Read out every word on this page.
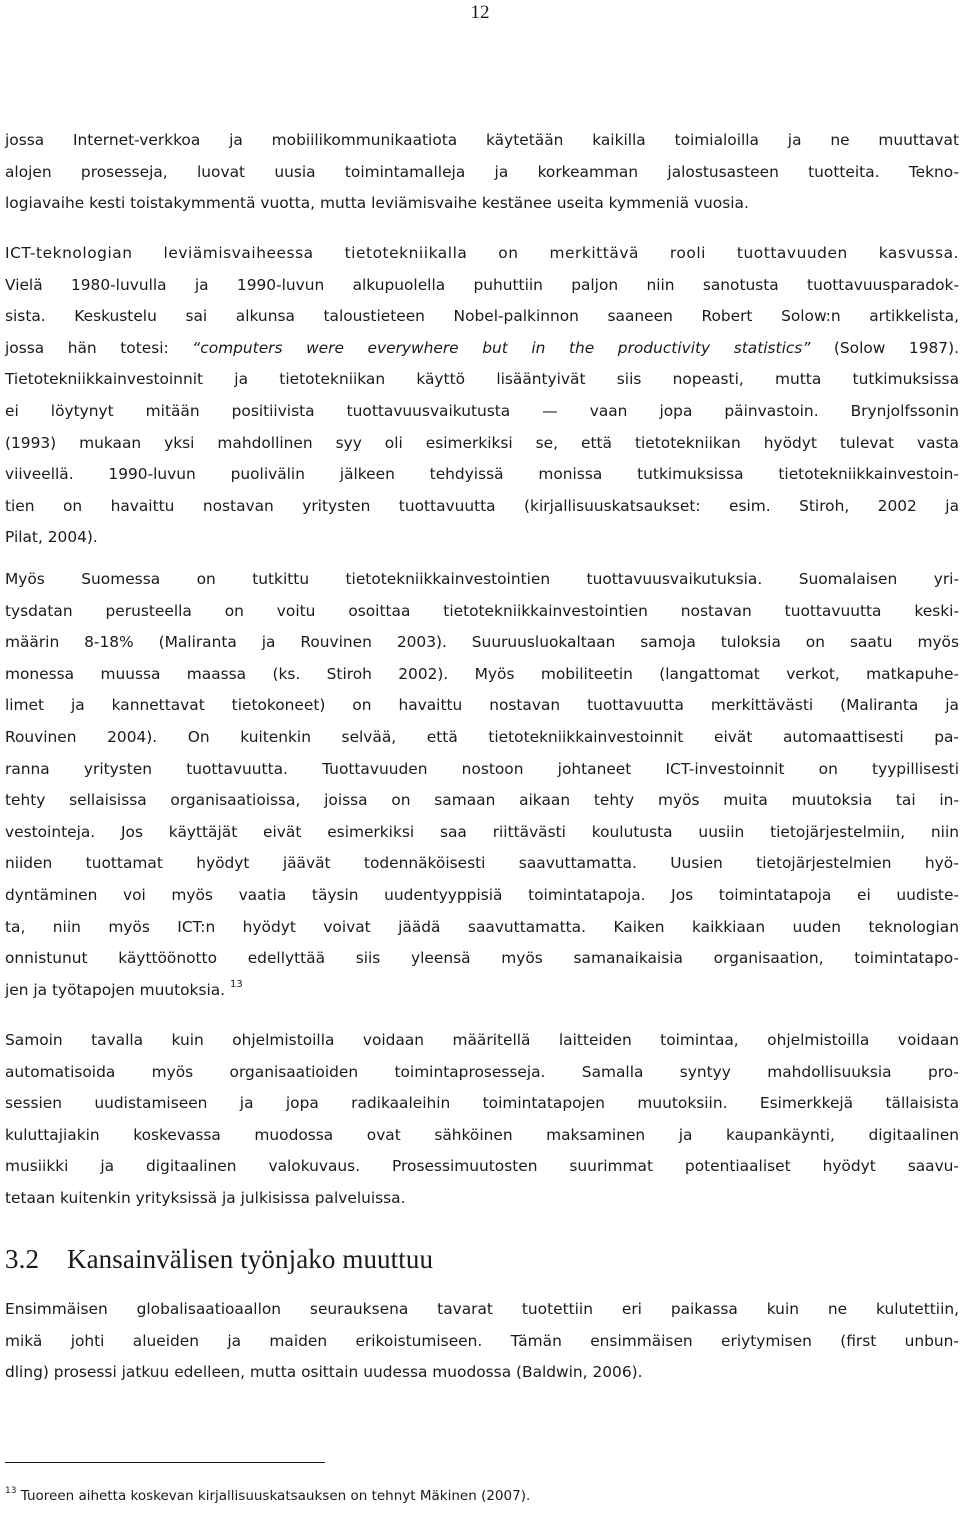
12
jossa Internet-verkkoa ja mobiilikommunikaatiota käytetään kaikilla toimialoilla ja ne muuttavat
alojen prosesseja, luovat uusia toimintamalleja ja korkeamman jalostusasteen tuotteita. Tekno-
logiavaihe kesti toistakymmentä vuotta, mutta leviämisvaihe kestänee useita kymmeniä vuosia.
ICT-teknologian leviämisvaiheessa tietotekniikalla on merkittävä rooli tuottavuuden kasvussa.
Vielä 1980-luvulla ja 1990-luvun alkupuolella puhuttiin paljon niin sanotusta tuottavuusparadok-
sista. Keskustelu sai alkunsa taloustieteen Nobel-palkinnon saaneen Robert Solow:n artikkelista,
jossa hän totesi: “computers were everywhere but in the productivity statistics” (Solow 1987).
Tietotekniikkainvestoinnit ja tietotekniikan käyttö lisääntyivät siis nopeasti, mutta tutkimuksissa
ei löytynyt mitään positiivista tuottavuusvaikutusta — vaan jopa päinvastoin. Brynjolfssonin
(1993) mukaan yksi mahdollinen syy oli esimerkiksi se, että tietotekniikan hyödyt tulevat vasta
viiveellä. 1990-luvun puolivälin jälkeen tehdyissä monissa tutkimuksissa tietotekniikkainvestoin-
tien on havaittu nostavan yritysten tuottavuutta (kirjallisuuskatsaukset: esim. Stiroh, 2002 ja
Pilat, 2004).
Myös Suomessa on tutkittu tietotekniikkainvestointien tuottavuusvaikutuksia. Suomalaisen yri-
tysdatan perusteella on voitu osoittaa tietotekniikkainvestointien nostavan tuottavuutta keski-
määrin 8-18% (Maliranta ja Rouvinen 2003). Suuruusluokaltaan samoja tuloksia on saatu myös
monessa muussa maassa (ks. Stiroh 2002). Myös mobiliteetin (langattomat verkot, matkapuhe-
limet ja kannettavat tietokoneet) on havaittu nostavan tuottavuutta merkittävästi (Maliranta ja
Rouvinen 2004). On kuitenkin selvää, että tietotekniikkainvestoinnit eivät automaattisesti pa-
ranna yritysten tuottavuutta. Tuottavuuden nostoon johtaneet ICT-investoinnit on tyypillisesti
tehty sellaisissa organisaatioissa, joissa on samaan aikaan tehty myös muita muutoksia tai in-
vestointeja. Jos käyttäjät eivät esimerkiksi saa riittävästi koulutusta uusiin tietojärjestelmiin, niin
niiden tuottamat hyödyt jäävät todennäköisesti saavuttamatta. Uusien tietojärjestelmien hyö-
dyntäminen voi myös vaatia täysin uudentyyppisiä toimintatapoja. Jos toimintatapoja ei uudiste-
ta, niin myös ICT:n hyödyt voivat jäädä saavuttamatta. Kaiken kaikkiaan uuden teknologian
onnistunut käyttöönotto edellyttää siis yleensä myös samanaikaisia organisaation, toimintatapo-
jen ja työtapojen muutoksia. $^{13}$
Samoin tavalla kuin ohjelmistoilla voidaan määritellä laitteiden toimintaa, ohjelmistoilla voidaan
automatisoida myös organisaatioiden toimintaprosesseja. Samalla syntyy mahdollisuuksia pro-
sessien uudistamiseen ja jopa radikaaleihin toimintatapojen muutoksiin. Esimerkkejä tällaisista
kuluttajiakin koskevassa muodossa ovat sähköinen maksaminen ja kaupankäynti, digitaalinen
musiikki ja digitaalinen valokuvaus. Prosessimuutosten suurimmat potentiaaliset hyödyt saavu-
tetaan kuitenkin yrityksissä ja julkisissa palveluissa.
3.2 Kansainvälisen työnjako muuttuu
Ensimmäisen globalisaatioaallon seurauksena tavarat tuotettiin eri paikassa kuin ne kulutettiin,
mikä johti alueiden ja maiden erikoistumiseen. Tämän ensimmäisen eriytymisen (first unbun-
dling) prosessi jatkuu edelleen, mutta osittain uudessa muodossa (Baldwin, 2006).
$^{13}$ Tuoreen aihetta koskevan kirjallisuuskatsauksen on tehnyt Mäkinen (2007).
